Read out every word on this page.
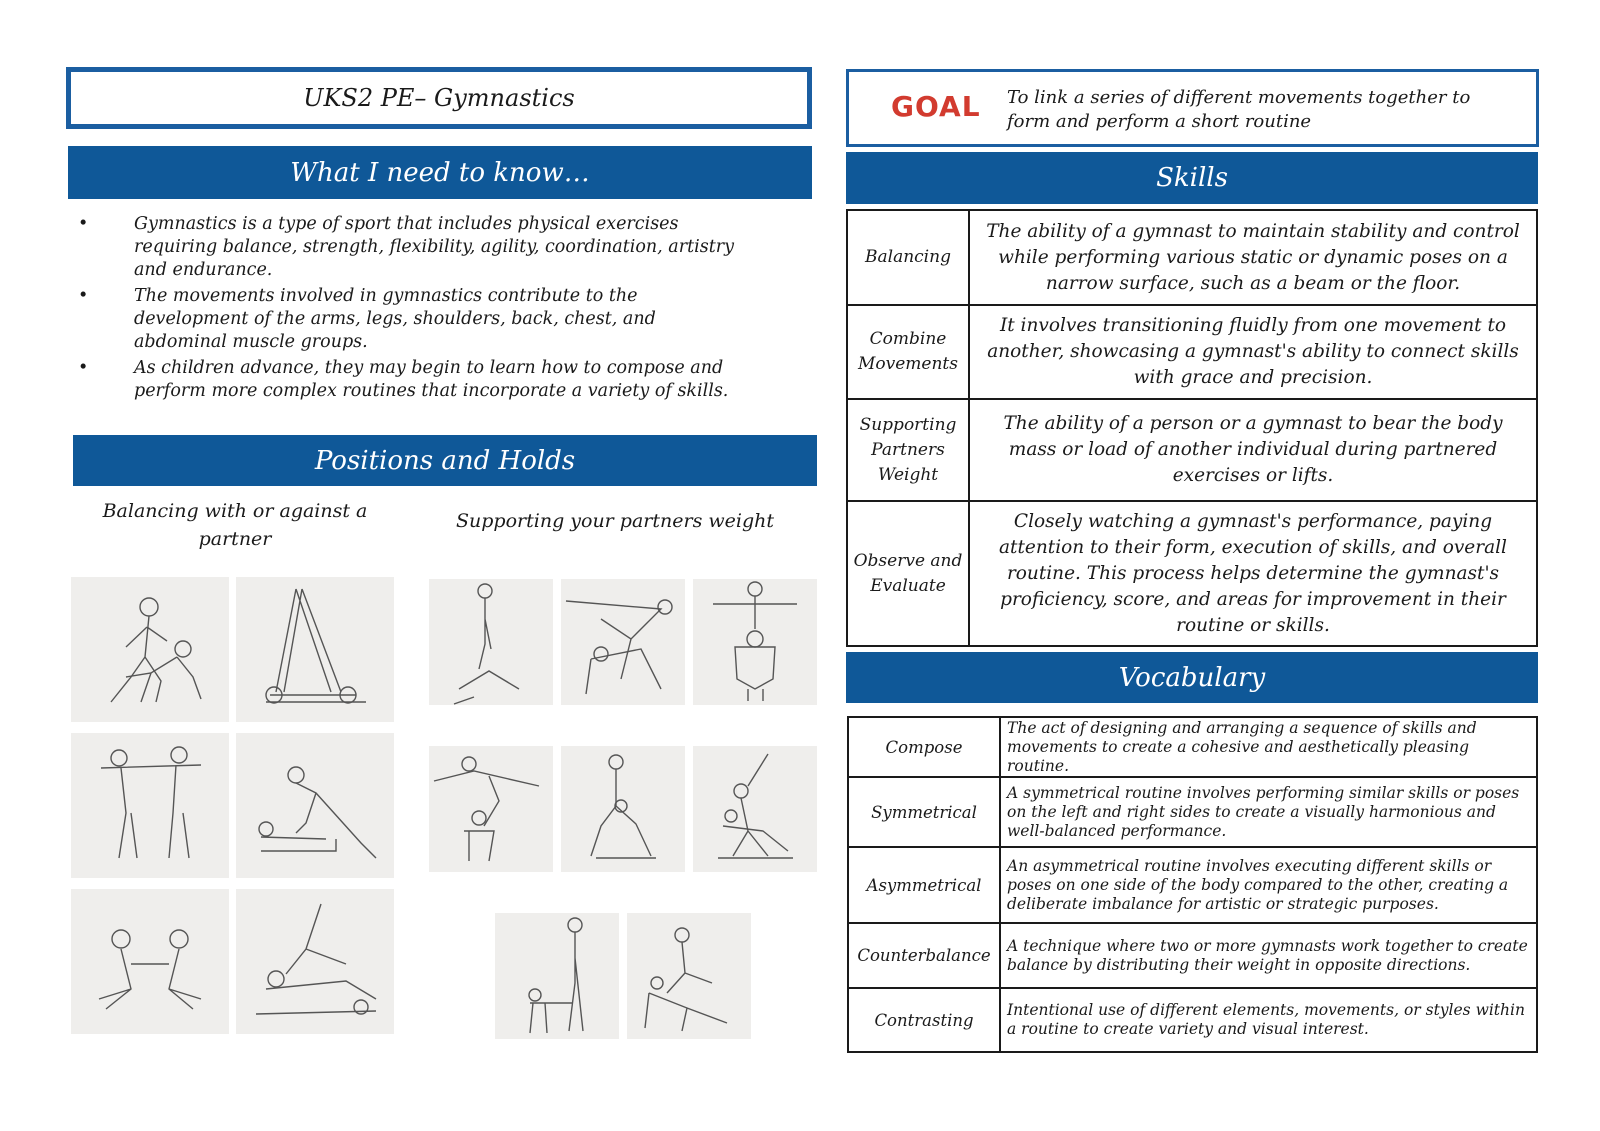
UKS2 PE– Gymnastics
What I need to know…
•	Gymnastics is a type of sport that includes physical exercises requiring balance, strength, flexibility, agility, coordination, artistry and endurance.
•	The movements involved in gymnastics contribute to the development of the arms, legs, shoulders, back, chest, and abdominal muscle groups.
•	As children advance, they may begin to learn how to compose and perform more complex routines that incorporate a variety of skills.
Positions and Holds
Balancing with or against a partner
Supporting your partners weight
GOAL To link a series of different movements together to form and perform a short routine
Skills
Balancing	The ability of a gymnast to maintain stability and control while performing various static or dynamic poses on a narrow surface, such as a beam or the floor.
Combine Movements	It involves transitioning fluidly from one movement to another, showcasing a gymnast's ability to connect skills with grace and precision.
Supporting Partners Weight	The ability of a person or a gymnast to bear the body mass or load of another individual during partnered exercises or lifts.
Observe and Evaluate	Closely watching a gymnast's performance, paying attention to their form, execution of skills, and overall routine. This process helps determine the gymnast's proficiency, score, and areas for improvement in their routine or skills.
Vocabulary
Compose	The act of designing and arranging a sequence of skills and movements to create a cohesive and aesthetically pleasing routine.
Symmetrical	A symmetrical routine involves performing similar skills or poses on the left and right sides to create a visually harmonious and well-balanced performance.
Asymmetrical	An asymmetrical routine involves executing different skills or poses on one side of the body compared to the other, creating a deliberate imbalance for artistic or strategic purposes.
Counterbalance	A technique where two or more gymnasts work together to create balance by distributing their weight in opposite directions.
Contrasting	Intentional use of different elements, movements, or styles within a routine to create variety and visual interest.
